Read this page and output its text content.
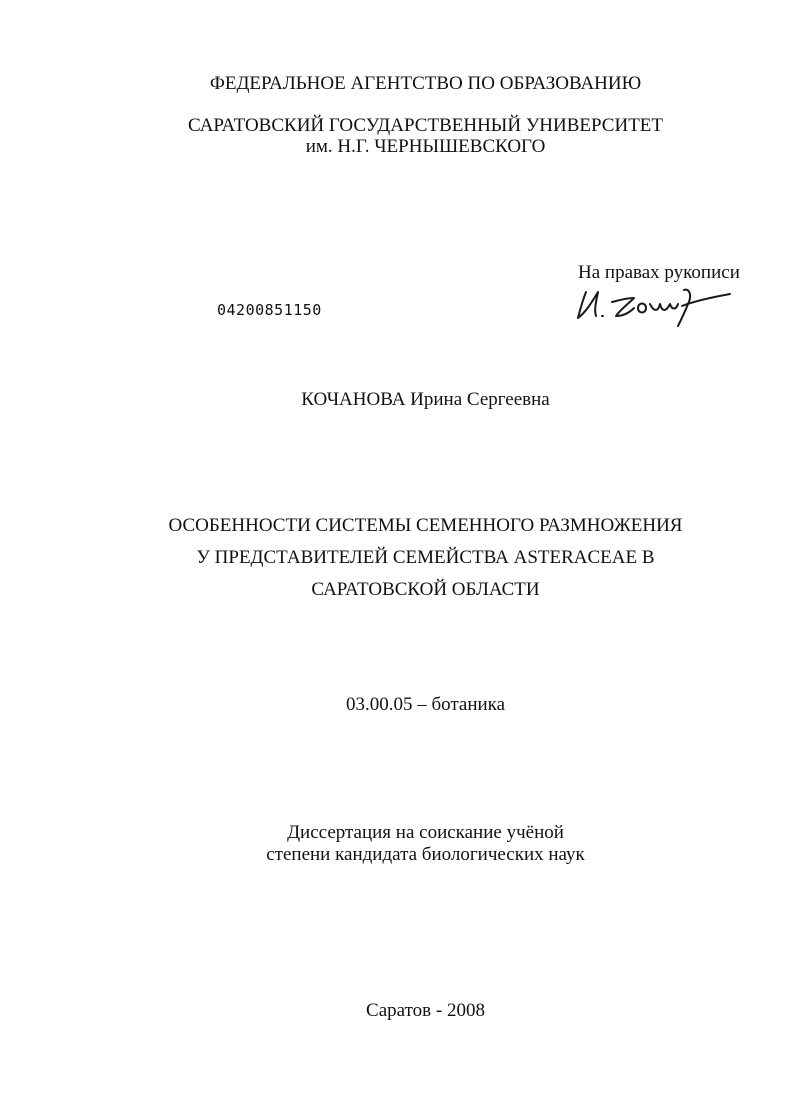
ФЕДЕРАЛЬНОЕ АГЕНТСТВО ПО ОБРАЗОВАНИЮ
САРАТОВСКИЙ ГОСУДАРСТВЕННЫЙ УНИВЕРСИТЕТ
им. Н.Г. ЧЕРНЫШЕВСКОГО
На правах рукописи
04200851150
КОЧАНОВА Ирина Сергеевна
ОСОБЕННОСТИ СИСТЕМЫ СЕМЕННОГО РАЗМНОЖЕНИЯ
У ПРЕДСТАВИТЕЛЕЙ СЕМЕЙСТВА ASTERACEAE В
САРАТОВСКОЙ ОБЛАСТИ
03.00.05 – ботаника
Диссертация на соискание учёной
степени кандидата биологических наук
Саратов - 2008
